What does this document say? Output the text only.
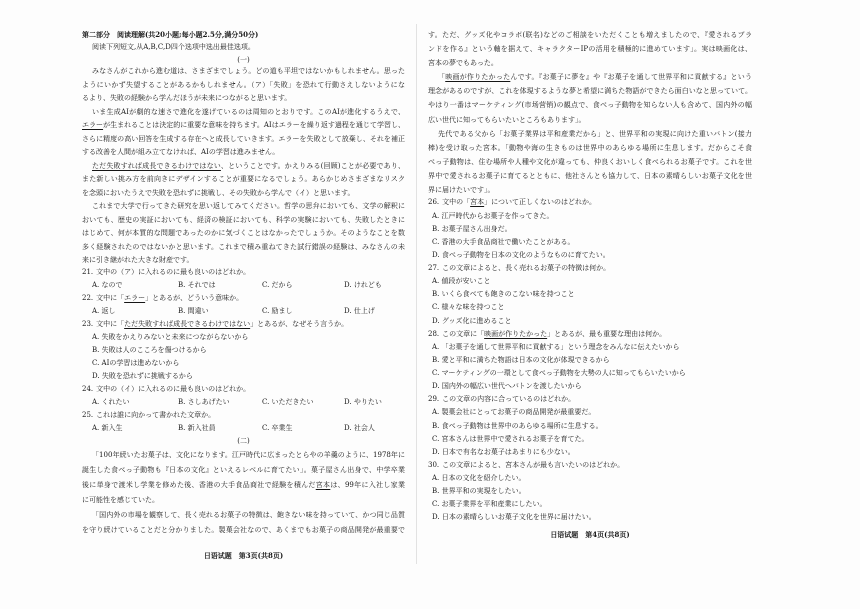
第二部分　阅读理解(共20小题;每小题2.5分,满分50分)
阅读下列短文,从A,B,C,D四个选项中选出最佳选项。
(一)
みなさんがこれから進む道は、さまざまでしょう。どの道も平坦ではないかもしれません。思った
ようにいかず失望することがあるかもしれません。（ア）「失敗」を恐れて行動さえしないようにな
るより、失敗の経験から学んだほうが未来につながると思います。
いま生成AIが劇的な速さで進化を遂げているのは周知のとおりです。このAIが進化するうえで、
エラーが生まれることは決定的に重要な意味を持ちます。AIはエラーを繰り返す過程を通じて学習し、
さらに精度の高い回答を生成する存在へと成長していきます。エラーを失敗として放棄し、それを補正
する改善を人間が組み立てなければ、AIの学習は進みません。
ただ失敗すれば成長できるわけではない、ということです。かえりみる(回顾)ことが必要であり、
また新しい挑み方を前向きにデザインすることが重要になるでしょう。あらかじめさまざまなリスク
を念頭においたうえで失敗を恐れずに挑戦し、その失敗から学んで（イ）と思います。
これまで大学で行ってきた研究を思い返してみてください。哲学の思弁においても、文学の解釈に
おいても、歴史の実証においても、経済の検証においても、科学の実験においても、失敗したときに
はじめて、何が本質的な問題であったのかに気づくことはなかったでしょうか。そのようなことを数
多く経験されたのではないかと思います。これまで積み重ねてきた試行錯誤の経験は、みなさんの未
来に引き継がれた大きな財産です。
21. 文中の（ア）に入れるのに最も良いのはどれか。
A. なので	B. それでは	C. だから	D. けれども
22. 文中に「エラー」とあるが、どういう意味か。
A. 返し	B. 間違い	C. 励まし	D. 仕上げ
23. 文中に「ただ失敗すれば成長できるわけではない」とあるが、なぜそう言うか。
A. 失敗をかえりみないと未来につながらないから
B. 失敗は人のこころを傷つけるから
C. AIの学習は進めないから
D. 失敗を恐れずに挑戦するから
24. 文中の（イ）に入れるのに最も良いのはどれか。
A. くれたい	B. さしあげたい	C. いただきたい	D. やりたい
25. これは誰に向かって書かれた文章か。
A. 新入生	B. 新入社員	C. 卒業生	D. 社会人
(二)
「100年続いたお菓子は、文化になります。江戸時代に広まったとらやの羊羹のように、1978年に
誕生した食べっ子動物も『日本の文化』といえるレベルに育てたい」。菓子屋さん出身で、中学卒業
後に単身で渡米し学業を修めた後、香港の大手食品商社で経験を積んだ宮本は、99年に入社し家業
に可能性を感じていた。
「国内外の市場を観察して、長く売れるお菓子の特徴は、飽きない味を持っていて、かつ同じ品質
を守り続けていることだと分かりました。製菓会社なので、あくまでもお菓子の商品開発が最重要で
日语试题　第3页(共8页)
す。ただ、グッズ化やコラボ(联名)などのご相談をいただくことも増えましたので、『愛されるブラ
ンドを作る』という軸を据えて、キャラクターIPの活用を積極的に進めています」。実は映画化は、
宮本の夢でもあった。
「映画が作りたかったんです。『お菓子に夢を』や『お菓子を通して世界平和に貢献する』という
理念があるのですが、これを体現するような夢と希望に満ちた物語ができたら面白いなと思っていて。
やはり一番はマーケティング(市场营销)の観点で、食べっ子動物を知らない人も含めて、国内外の幅
広い世代に知ってもらいたいところもあります」。
先代である父から「お菓子業界は平和産業だから」と、世界平和の実現に向けた重いバトン(接力
棒)を受け取った宮本。「動物や海の生きものは世界中のあらゆる場所に生息します。だからこそ食
べっ子動物は、住む場所や人種や文化が違っても、仲良くおいしく食べられるお菓子です。これを世
界中で愛されるお菓子に育てるとともに、他社さんとも協力して、日本の素晴らしいお菓子文化を世
界に届けたいです」。
26. 文中の「宮本」について正しくないのはどれか。
A. 江戸時代からお菓子を作ってきた。
B. お菓子屋さん出身だ。
C. 香港の大手食品商社で働いたことがある。
D. 食べっ子動物を日本の文化のようなものに育てたい。
27. この文章によると、長く売れるお菓子の特徴は何か。
A. 値段が安いこと
B. いくら食べても飽きのこない味を持つこと
C. 様々な味を持つこと
D. グッズ化に進めること
28. この文章に「映画が作りたかった」とあるが、最も重要な理由は何か。
A. 「お菓子を通して世界平和に貢献する」という理念をみんなに伝えたいから
B. 愛と平和に満ちた物語は日本の文化が体現できるから
C. マーケティングの一環として食べっ子動物を大勢の人に知ってもらいたいから
D. 国内外の幅広い世代へバトンを渡したいから
29. この文章の内容に合っているのはどれか。
A. 製菓会社にとってお菓子の商品開発が最重要だ。
B. 食べっ子動物は世界中のあらゆる場所に生息する。
C. 宮本さんは世界中で愛されるお菓子を育てた。
D. 日本で有名なお菓子はあまりにも少ない。
30. この文章によると、宮本さんが最も言いたいのはどれか。
A. 日本の文化を紹介したい。
B. 世界平和の実現をしたい。
C. お菓子業界を平和産業にしたい。
D. 日本の素晴らしいお菓子文化を世界に届けたい。
日语试题　第4页(共8页)
